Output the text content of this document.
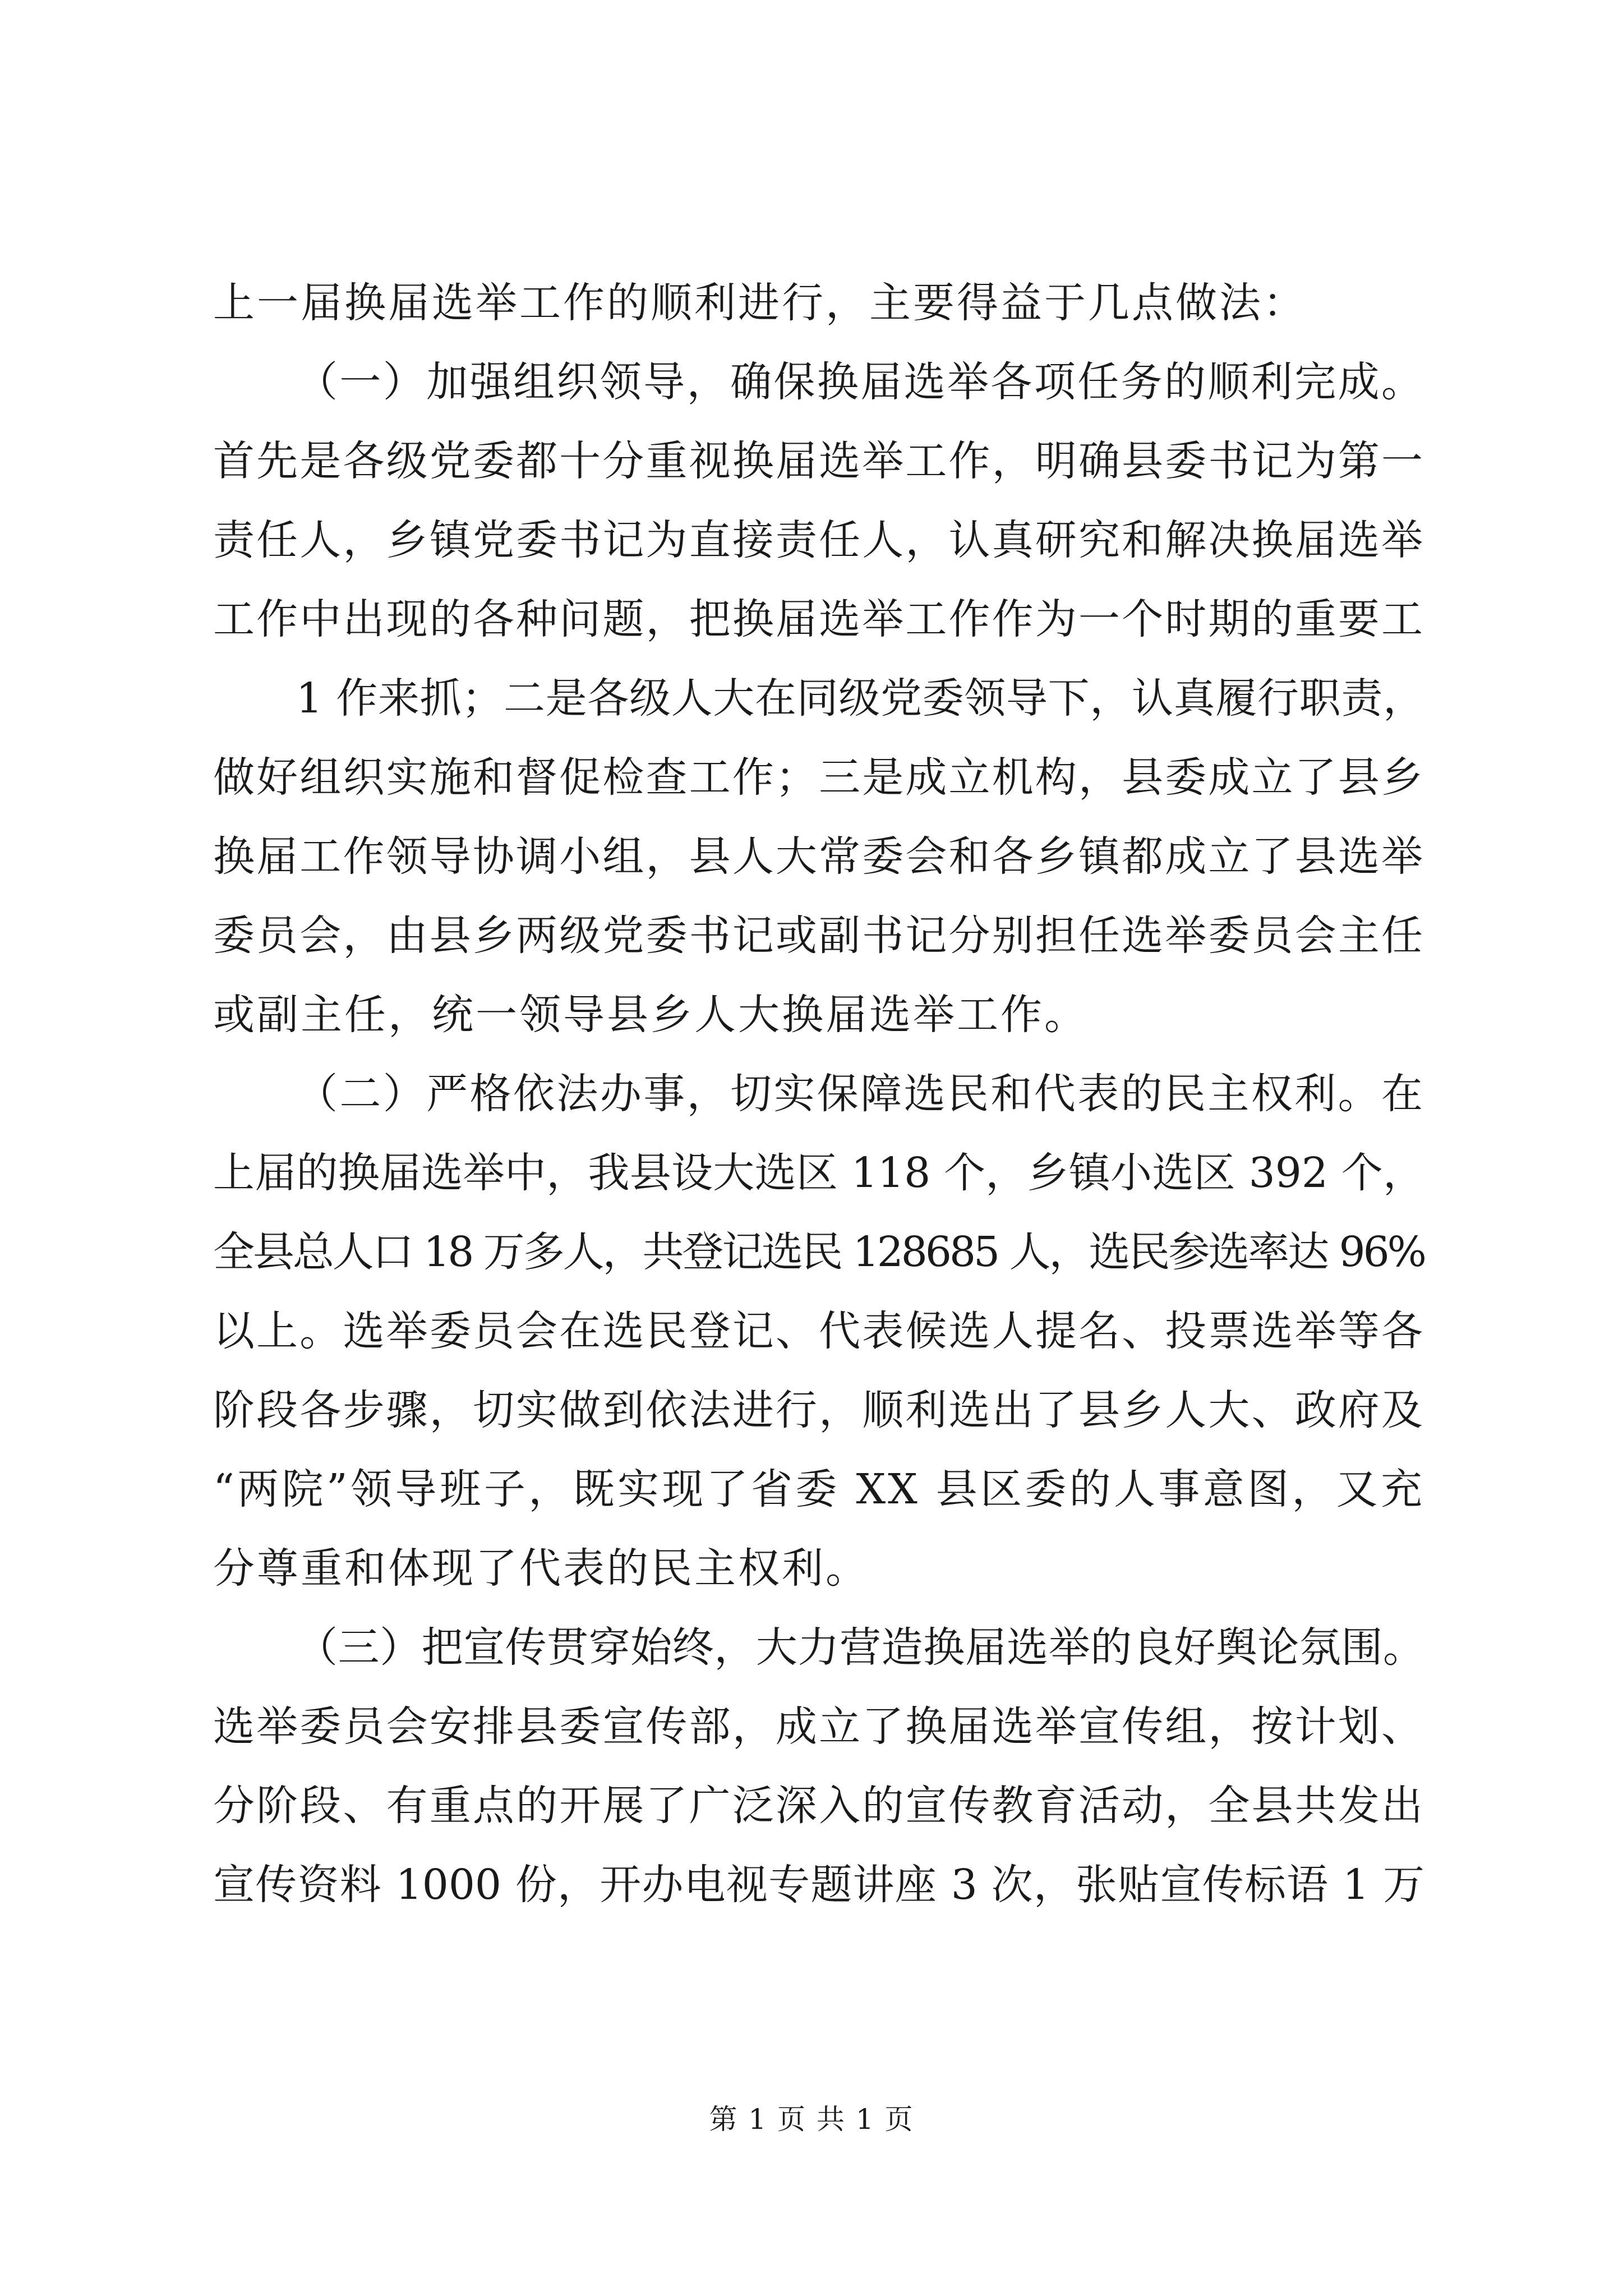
上一届换届选举工作的顺利进行，主要得益于几点做法：
（一）加强组织领导，确保换届选举各项任务的顺利完成。
首先是各级党委都十分重视换届选举工作，明确县委书记为第一
责任人，乡镇党委书记为直接责任人，认真研究和解决换届选举
工作中出现的各种问题，把换届选举工作作为一个时期的重要工
1 作来抓；二是各级人大在同级党委领导下，认真履行职责，
做好组织实施和督促检查工作；三是成立机构，县委成立了县乡
换届工作领导协调小组，县人大常委会和各乡镇都成立了县选举
委员会，由县乡两级党委书记或副书记分别担任选举委员会主任
或副主任，统一领导县乡人大换届选举工作。
（二）严格依法办事，切实保障选民和代表的民主权利。在
上届的换届选举中，我县设大选区 118 个，乡镇小选区 392 个，
全县总人口 18 万多人，共登记选民 128685 人，选民参选率达 96%
以上。选举委员会在选民登记、代表候选人提名、投票选举等各
阶段各步骤，切实做到依法进行，顺利选出了县乡人大、政府及
“两院”领导班子，既实现了省委 XX 县区委的人事意图，又充
分尊重和体现了代表的民主权利。
（三）把宣传贯穿始终，大力营造换届选举的良好舆论氛围。
选举委员会安排县委宣传部，成立了换届选举宣传组，按计划、
分阶段、有重点的开展了广泛深入的宣传教育活动，全县共发出
宣传资料 1000 份，开办电视专题讲座 3 次，张贴宣传标语 1 万
第 1 页 共 1 页
